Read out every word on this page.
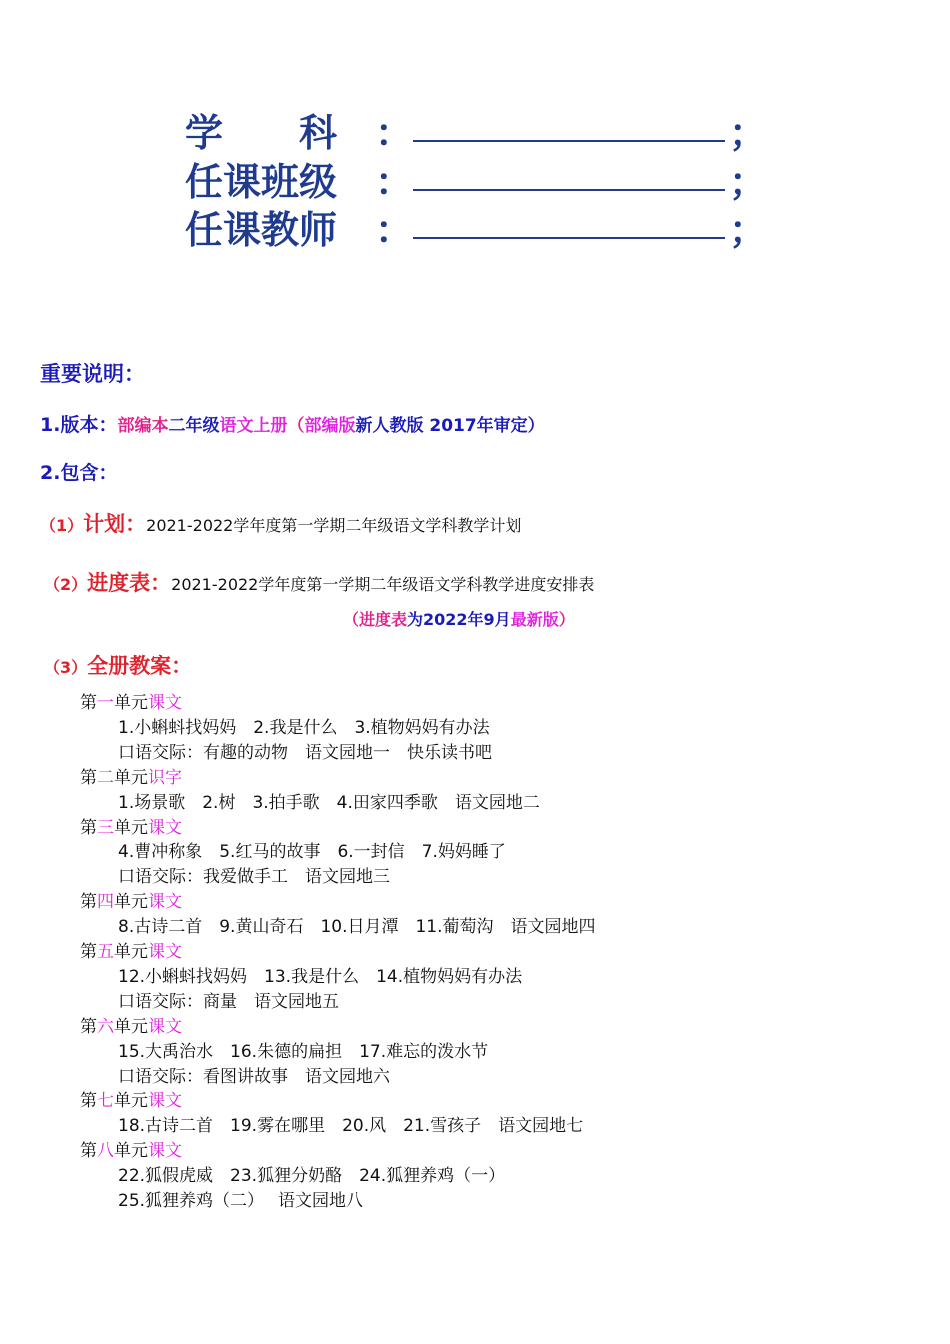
学　　科 ：	；
任课班级 ：	；
任课教师 ：	；
重要说明：
1.版本：部编本二年级语文上册（部编版新人教版 2017年审定）
2.包含：
（1）计划：2021-2022学年度第一学期二年级语文学科教学计划
（2）进度表：2021-2022学年度第一学期二年级语文学科教学进度安排表
（进度表为2022年9月最新版）
（3）全册教案：
第一单元课文
1.小蝌蚪找妈妈　2.我是什么　3.植物妈妈有办法
口语交际：有趣的动物　语文园地一　快乐读书吧
第二单元识字
1.场景歌　2.树　3.拍手歌　4.田家四季歌　语文园地二
第三单元课文
4.曹冲称象　5.红马的故事　6.一封信　7.妈妈睡了
口语交际：我爱做手工　语文园地三
第四单元课文
8.古诗二首　9.黄山奇石　10.日月潭　11.葡萄沟　语文园地四
第五单元课文
12.小蝌蚪找妈妈　13.我是什么　14.植物妈妈有办法
口语交际：商量　语文园地五
第六单元课文
15.大禹治水　16.朱德的扁担　17.难忘的泼水节
口语交际：看图讲故事　语文园地六
第七单元课文
18.古诗二首　19.雾在哪里　20.风　21.雪孩子　语文园地七
第八单元课文
22.狐假虎威　23.狐狸分奶酪　24.狐狸养鸡（一）
25.狐狸养鸡（二）　 语文园地八
